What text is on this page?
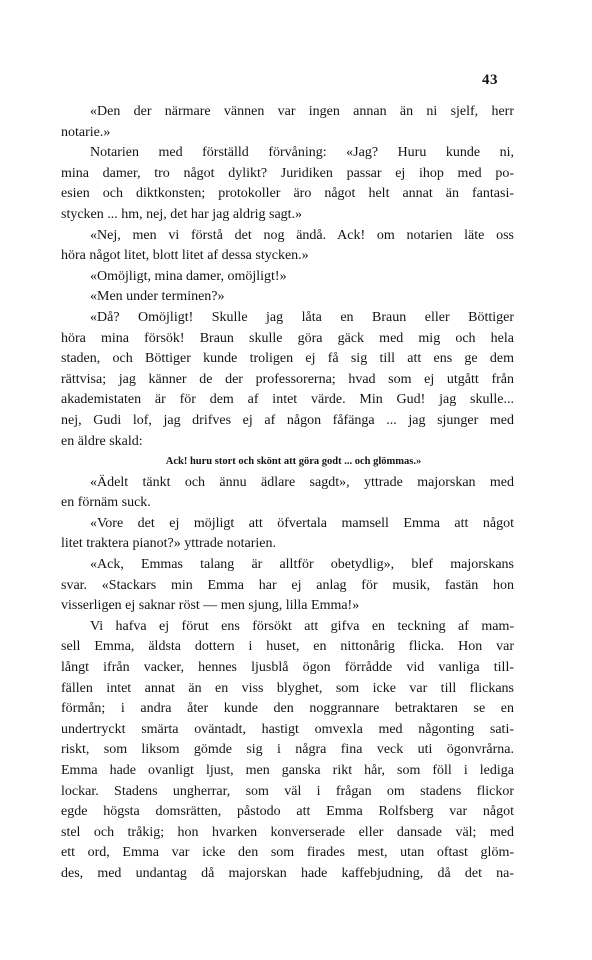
43
«Den der närmare vännen var ingen annan än ni sjelf, herr
notarie.»
Notarien med förställd förvåning: «Jag? Huru kunde ni,
mina damer, tro något dylikt? Juridiken passar ej ihop med po-
esien och diktkonsten; protokoller äro något helt annat än fantasi-
stycken ... hm, nej, det har jag aldrig sagt.»
«Nej, men vi förstå det nog ändå. Ack! om notarien läte oss
höra något litet, blott litet af dessa stycken.»
«Omöjligt, mina damer, omöjligt!»
«Men under terminen?»
«Då? Omöjligt! Skulle jag låta en Braun eller Böttiger
höra mina försök! Braun skulle göra gäck med mig och hela
staden, och Böttiger kunde troligen ej få sig till att ens ge dem
rättvisa; jag känner de der professorerna; hvad som ej utgått från
akademistaten är för dem af intet värde. Min Gud! jag skulle...
nej, Gudi lof, jag drifves ej af någon fåfänga ... jag sjunger med
en äldre skald:
Ack! huru stort och skönt att göra godt ... och glömmas.»
«Ädelt tänkt och ännu ädlare sagdt», yttrade majorskan med
en förnäm suck.
«Vore det ej möjligt att öfvertala mamsell Emma att något
litet traktera pianot?» yttrade notarien.
«Ack, Emmas talang är alltför obetydlig», blef majorskans
svar. «Stackars min Emma har ej anlag för musik, fastän hon
visserligen ej saknar röst — men sjung, lilla Emma!»
Vi hafva ej förut ens försökt att gifva en teckning af mam-
sell Emma, äldsta dottern i huset, en nittonårig flicka. Hon var
långt ifrån vacker, hennes ljusblå ögon förrådde vid vanliga till-
fällen intet annat än en viss blyghet, som icke var till flickans
förmån; i andra åter kunde den noggrannare betraktaren se en
undertryckt smärta oväntadt, hastigt omvexla med någonting sati-
riskt, som liksom gömde sig i några fina veck uti ögonvrårna.
Emma hade ovanligt ljust, men ganska rikt hår, som föll i lediga
lockar. Stadens ungherrar, som väl i frågan om stadens flickor
egde högsta domsrätten, påstodo att Emma Rolfsberg var något
stel och tråkig; hon hvarken konverserade eller dansade väl; med
ett ord, Emma var icke den som firades mest, utan oftast glöm-
des, med undantag då majorskan hade kaffebjudning, då det na-
